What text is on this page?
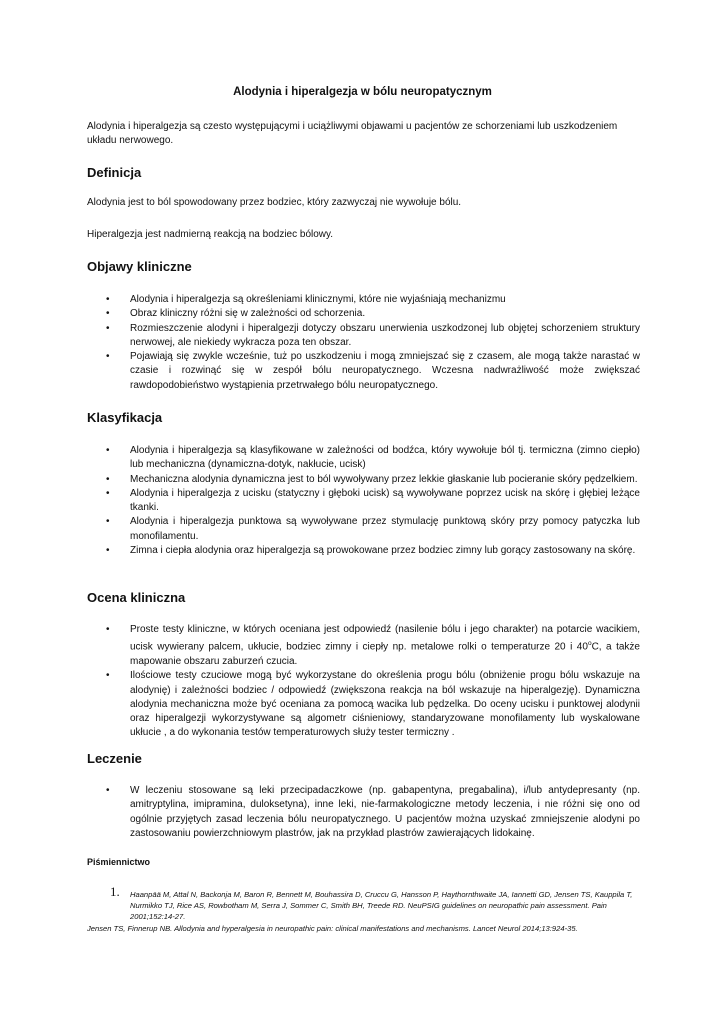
Alodynia i hiperalgezja w bólu neuropatycznym
Alodynia i hiperalgezja są czesto występującymi i uciążliwymi objawami u pacjentów ze schorzeniami lub uszkodzeniem układu nerwowego.
Definicja
Alodynia jest to ból spowodowany przez bodziec, który zazwyczaj nie wywołuje bólu.
Hiperalgezja jest nadmierną reakcją na bodziec bólowy.
Objawy kliniczne
• Alodynia i hiperalgezja są określeniami klinicznymi, które nie wyjaśniają mechanizmu
• Obraz kliniczny różni się w zależności od schorzenia.
• Rozmieszczenie alodyni i hiperalgezji dotyczy obszaru unerwienia uszkodzonej lub objętej schorzeniem struktury nerwowej, ale niekiedy wykracza poza ten obszar.
• Pojawiają się zwykle wcześnie, tuż po uszkodzeniu i mogą zmniejszać się z czasem, ale mogą także narastać w czasie i rozwinąć się w zespół bólu neuropatycznego. Wczesna nadwrażliwość może zwiększać rawdopodobieństwo wystąpienia przetrwałego bólu neuropatycznego.
Klasyfikacja
• Alodynia i hiperalgezja są klasyfikowane w zależności od bodźca, który wywołuje ból tj. termiczna (zimno ciepło) lub mechaniczna (dynamiczna-dotyk, nakłucie, ucisk)
• Mechaniczna alodynia dynamiczna jest to ból wywoływany przez lekkie głaskanie lub pocieranie skóry pędzelkiem.
• Alodynia i hiperalgezja z ucisku (statyczny i głęboki ucisk) są wywoływane poprzez ucisk na skórę i głębiej leżące tkanki.
• Alodynia i hiperalgezja punktowa są wywoływane przez stymulację punktową skóry przy pomocy patyczka lub monofilamentu.
• Zimna i ciepła alodynia oraz hiperalgezja są prowokowane przez bodziec zimny lub gorący zastosowany na skórę.
Ocena kliniczna
• Proste testy kliniczne, w których oceniana jest odpowiedź (nasilenie bólu i jego charakter) na potarcie wacikiem, ucisk wywierany palcem, ukłucie, bodziec zimny i ciepły np. metalowe rolki o temperaturze 20 i 40$^o$C, a także mapowanie obszaru zaburzeń czucia.
• Ilościowe testy czuciowe mogą być wykorzystane do określenia progu bólu (obniżenie progu bólu wskazuje na alodynię) i zależności bodziec / odpowiedź (zwiększona reakcja na ból wskazuje na hiperalgezję). Dynamiczna alodynia mechaniczna może być oceniana za pomocą wacika lub pędzelka. Do oceny ucisku i punktowej alodynii oraz hiperalgezji wykorzystywane są algometr ciśnieniowy, standaryzowane monofilamenty lub wyskalowane ukłucie , a do wykonania testów temperaturowych służy tester termiczny .
Leczenie
• W leczeniu stosowane są leki przecipadaczkowe (np. gabapentyna, pregabalina), i/lub antydepresanty (np. amitryptylina, imipramina, duloksetyna), inne leki, nie-farmakologiczne metody leczenia, i nie różni się ono od ogólnie przyjętych zasad leczenia bólu neuropatycznego. U pacjentów można uzyskać zmniejszenie alodyni po zastosowaniu powierzchniowym plastrów, jak na przykład plastrów zawierających lidokainę.
Piśmiennictwo
1. Haanpää M, Attal N, Backonja M, Baron R, Bennett M, Bouhassira D, Cruccu G, Hansson P, Haythornthwaite JA, Iannetti GD, Jensen TS, Kauppila T, Nurmikko TJ, Rice AS, Rowbotham M, Serra J, Sommer C, Smith BH, Treede RD. NeuPSIG guidelines on neuropathic pain assessment. Pain 2001;152:14-27.
Jensen TS, Finnerup NB. Allodynia and hyperalgesia in neuropathic pain: clinical manifestations and mechanisms. Lancet Neurol 2014;13:924-35.
